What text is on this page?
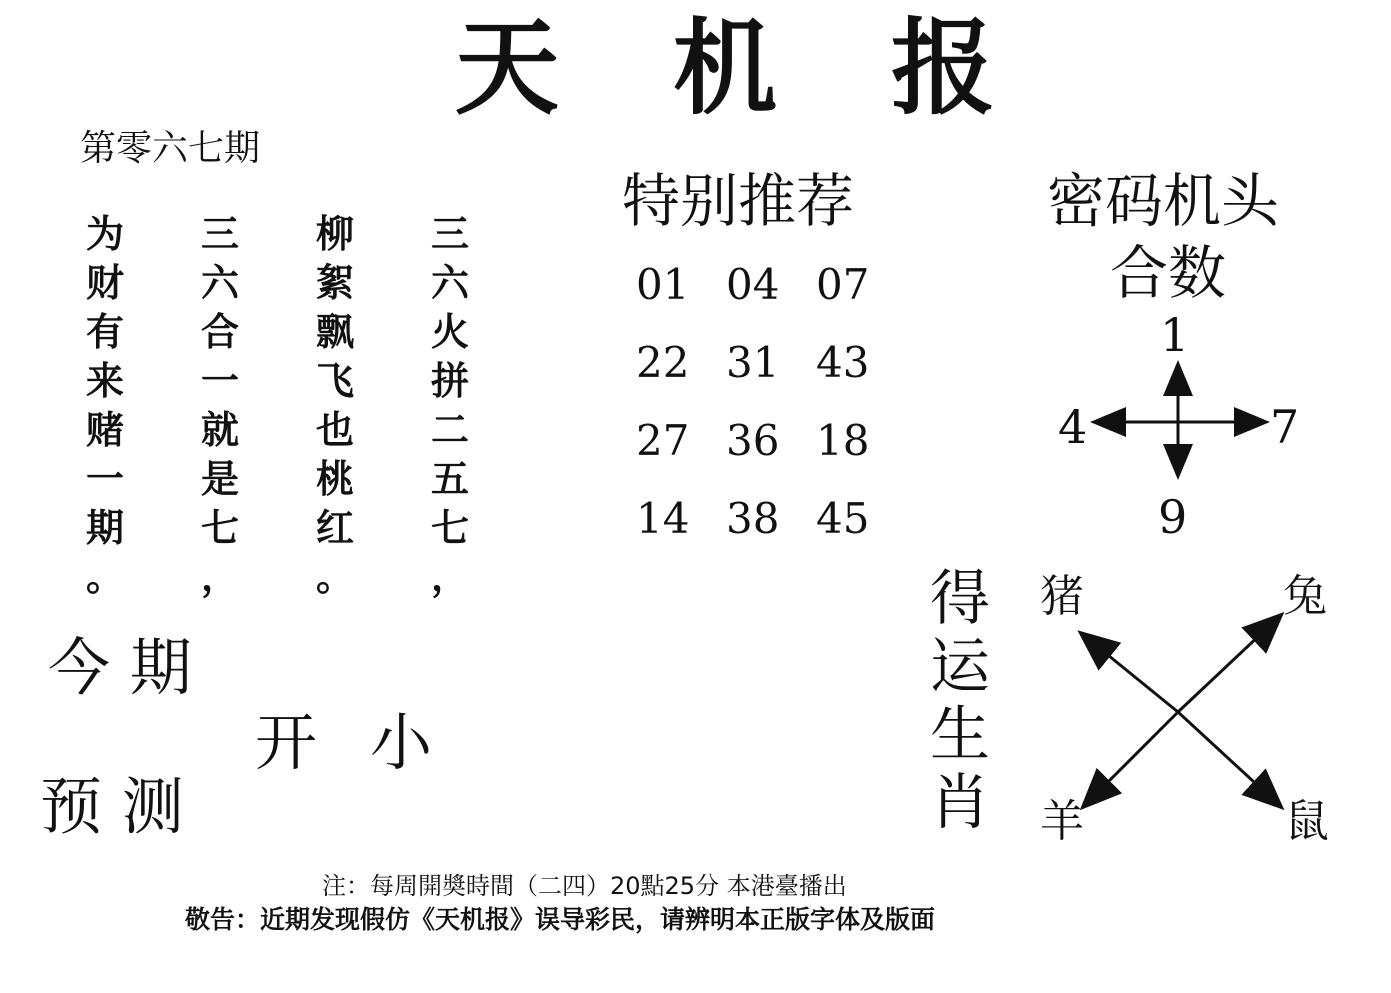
天 机 报
第零六七期
为
财
有
来
赌
一
期
。
三
六
合
一
就
是
七
，
柳
絮
飘
飞
也
桃
红
。
三
六
火
拼
二
五
七
，
特别推荐
01 04 07
22 31 43
27 36 18
14 38 45
密码机头
合数
1
4	7
9
得
运
生
肖
猪	兔
羊	鼠
今 期
预 测
开 小
注：每周開奬時間（二四）20點25分 本港臺播出
敬告：近期发现假仿《天机报》误导彩民，请辨明本正版字体及版面
